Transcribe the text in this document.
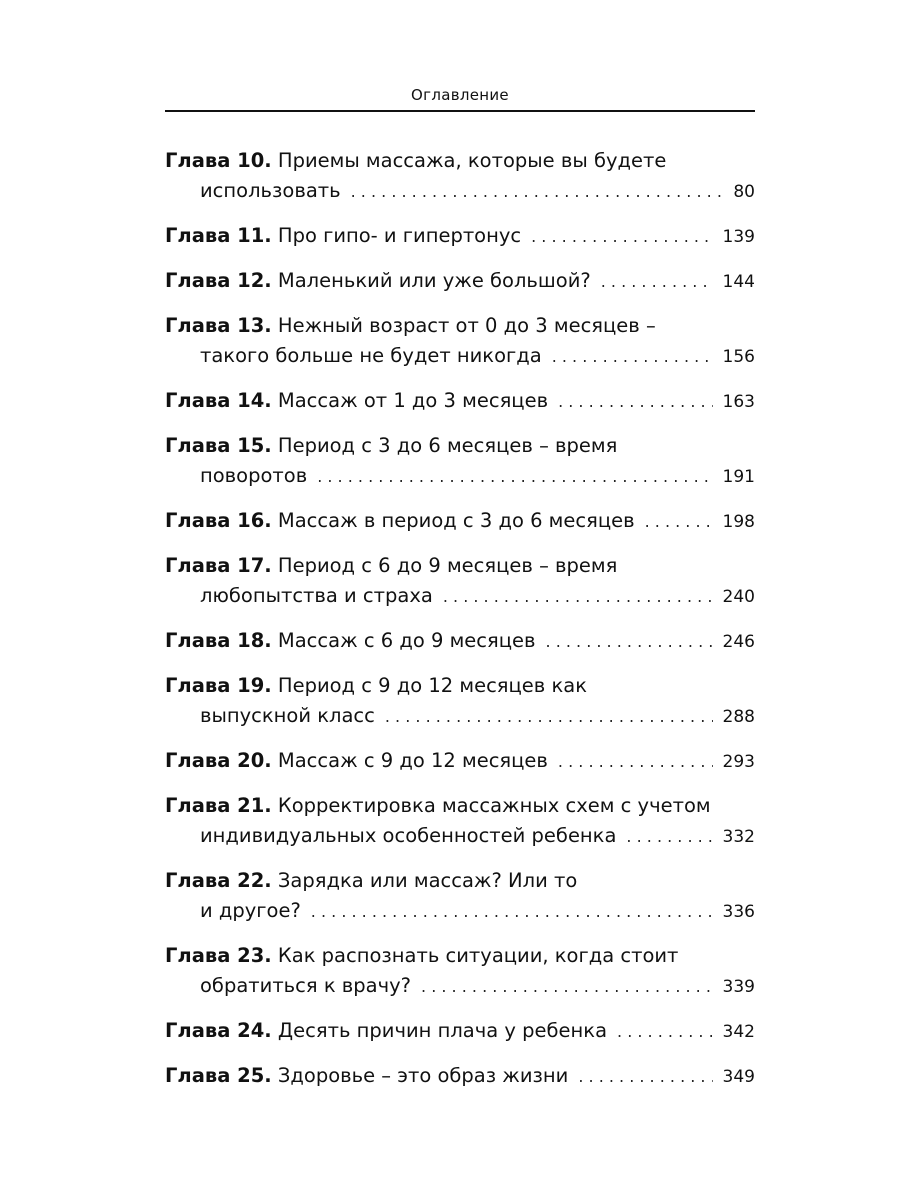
Оглавление
Глава 10. Приемы массажа, которые вы будете
использовать . . .	80
Глава 11. Про гипо- и гипертонус . . .	139
Глава 12. Маленький или уже большой? . . .	144
Глава 13. Нежный возраст от 0 до 3 месяцев –
такого больше не будет никогда . . .	156
Глава 14. Массаж от 1 до 3 месяцев . . .	163
Глава 15. Период с 3 до 6 месяцев – время
поворотов . . .	191
Глава 16. Массаж в период с 3 до 6 месяцев . . .	198
Глава 17. Период с 6 до 9 месяцев – время
любопытства и страха . . .	240
Глава 18. Массаж с 6 до 9 месяцев . . .	246
Глава 19. Период с 9 до 12 месяцев как
выпускной класс . . .	288
Глава 20. Массаж с 9 до 12 месяцев . . .	293
Глава 21. Корректировка массажных схем с учетом
индивидуальных особенностей ребенка . . .	332
Глава 22. Зарядка или массаж? Или то
и другое? . . .	336
Глава 23. Как распознать ситуации, когда стоит
обратиться к врачу? . . .	339
Глава 24. Десять причин плача у ребенка . . .	342
Глава 25. Здоровье – это образ жизни . . .	349
